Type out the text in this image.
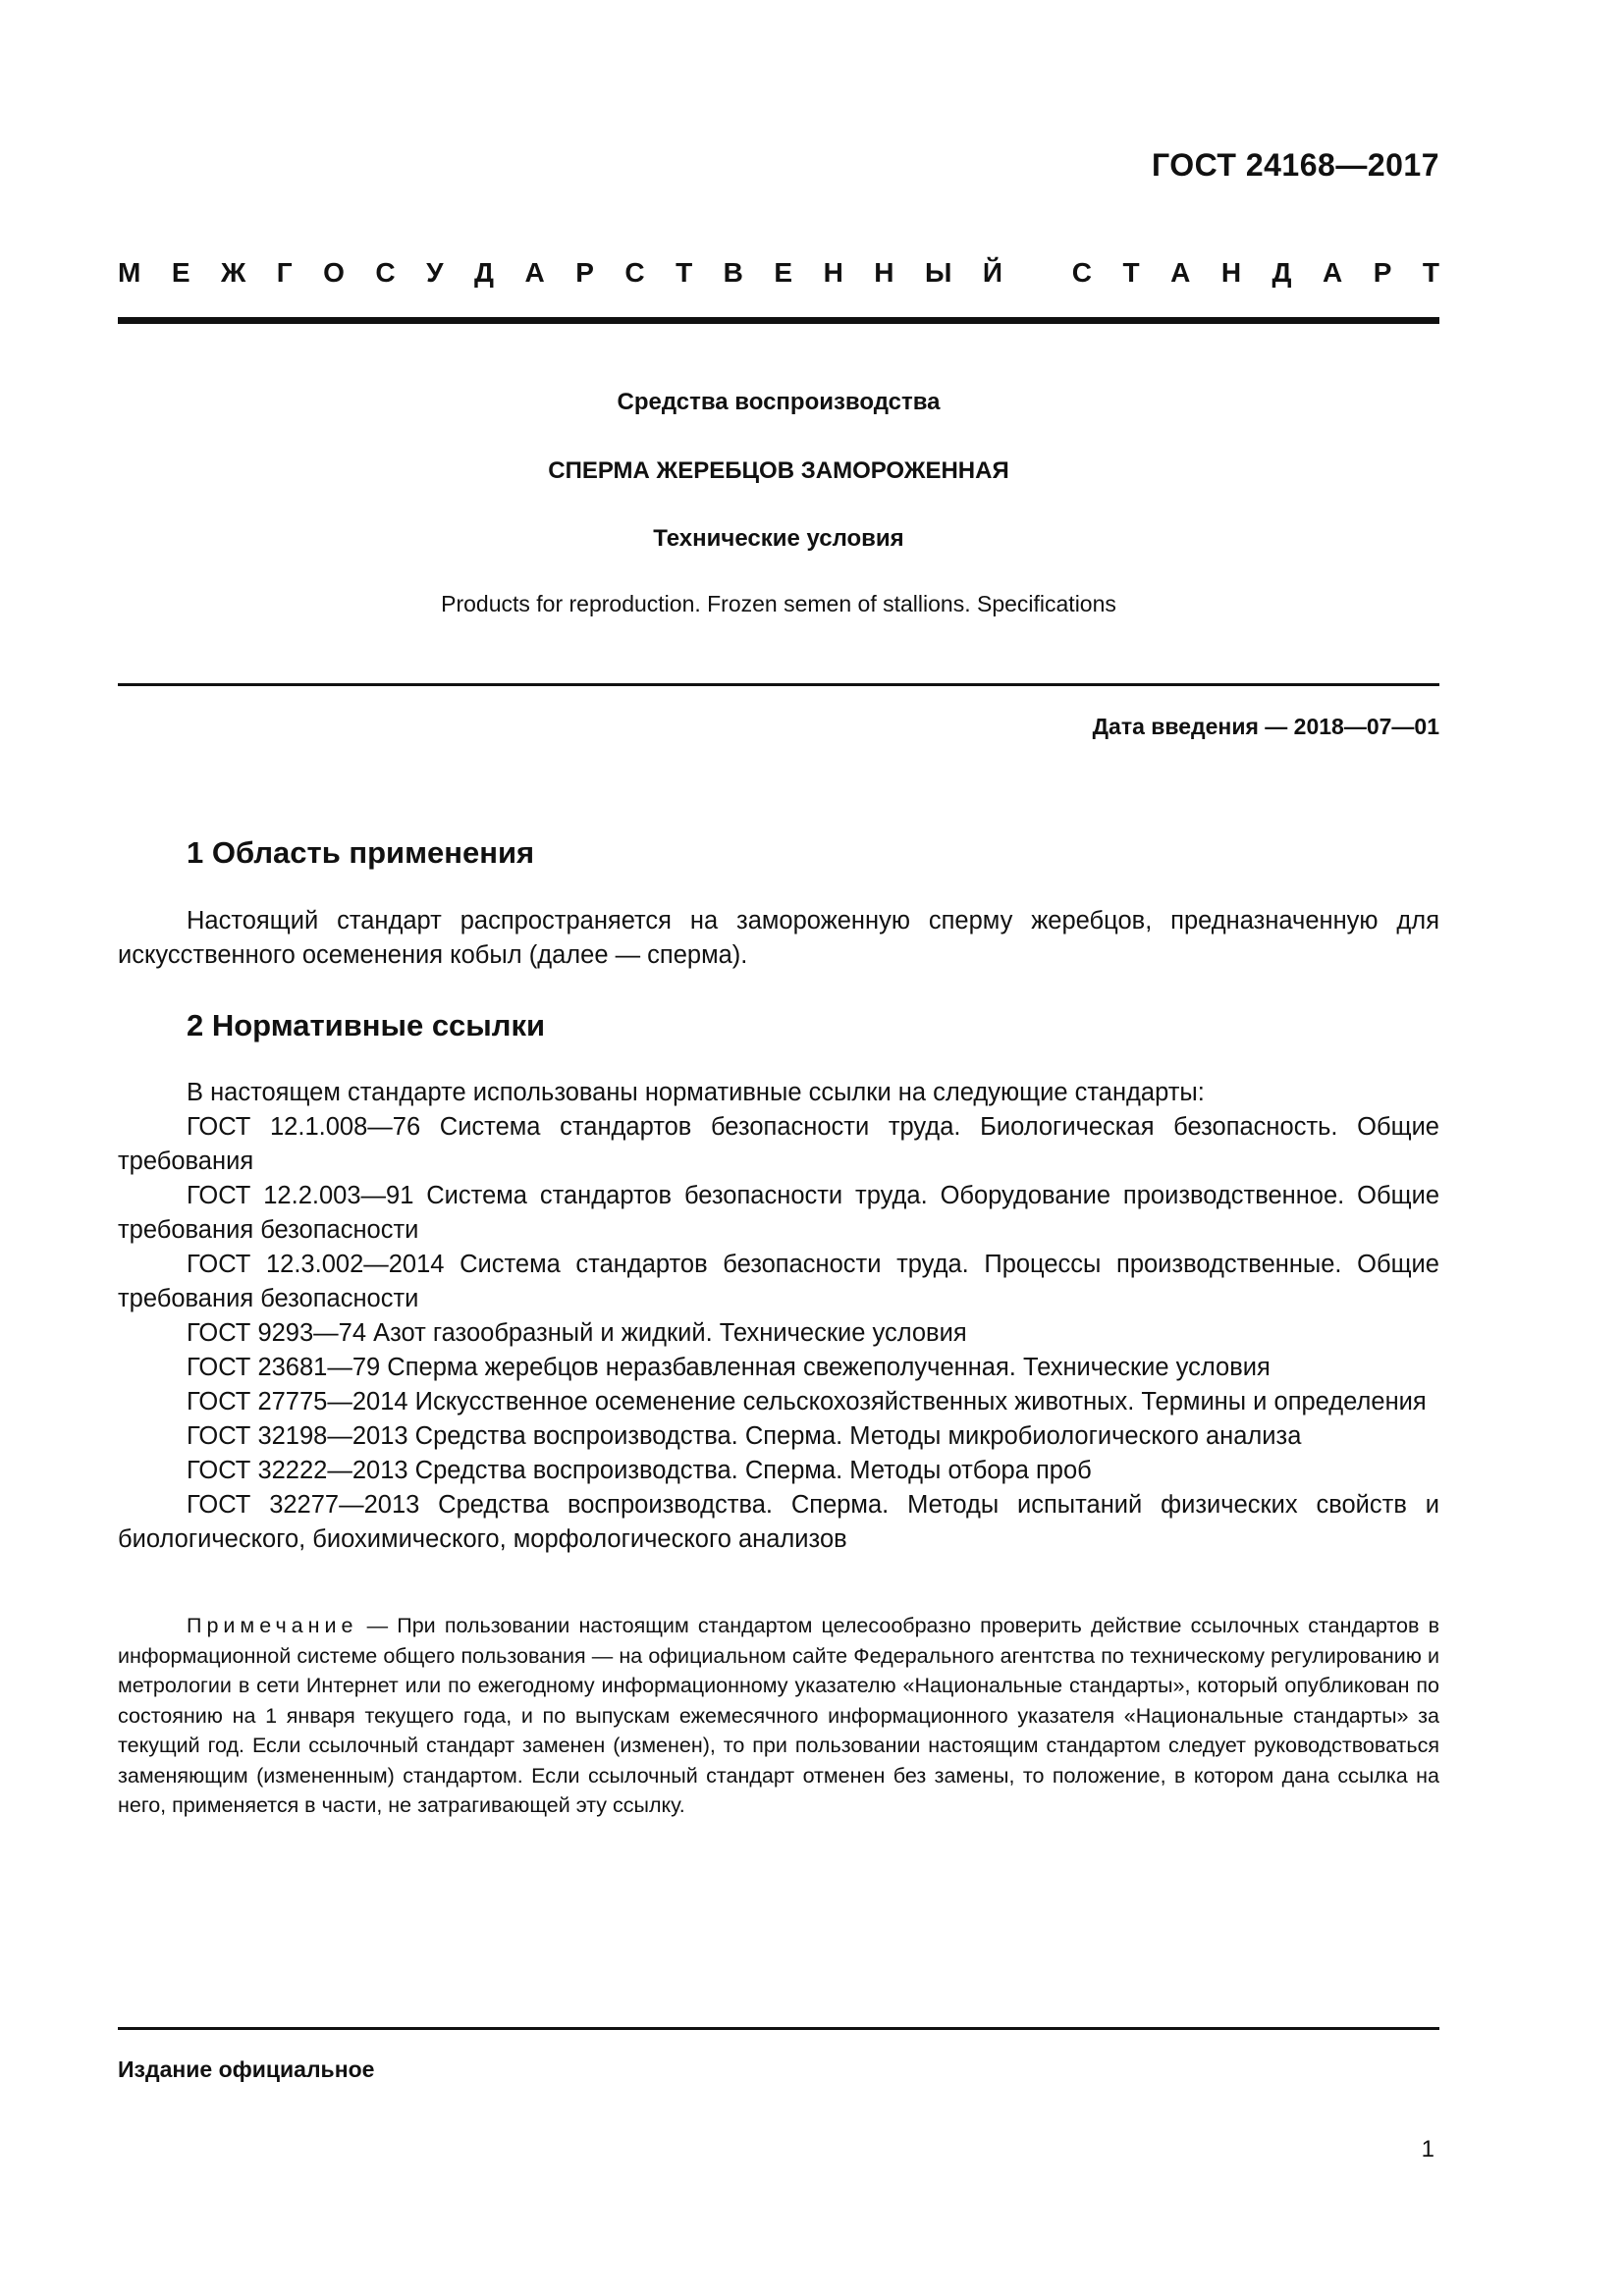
ГОСТ 24168—2017
М Е Ж Г О С У Д А Р С Т В Е Н Н Ы Й
	С Т А Н Д А Р Т
Средства воспроизводства
СПЕРМА ЖЕРЕБЦОВ ЗАМОРОЖЕННАЯ
Технические условия
Products for reproduction. Frozen semen of stallions. Specifications
Дата введения — 2018—07—01
1 Область применения

Настоящий стандарт распространяется на замороженную сперму жеребцов, предназначенную для искусственного осеменения кобыл (далее — сперма).

2 Нормативные ссылки

В настоящем стандарте использованы нормативные ссылки на следующие стандарты:

ГОСТ 12.1.008—76 Система стандартов безопасности труда. Биологическая безопасность. Общие требования

ГОСТ 12.2.003—91 Система стандартов безопасности труда. Оборудование производственное. Общие требования безопасности

ГОСТ 12.3.002—2014 Система стандартов безопасности труда. Процессы производственные. Общие требования безопасности

ГОСТ 9293—74 Азот газообразный и жидкий. Технические условия

ГОСТ 23681—79 Сперма жеребцов неразбавленная свежеполученная. Технические условия

ГОСТ 27775—2014 Искусственное осеменение сельскохозяйственных животных. Термины и определения

ГОСТ 32198—2013 Средства воспроизводства. Сперма. Методы микробиологического анализа

ГОСТ 32222—2013 Средства воспроизводства. Сперма. Методы отбора проб

ГОСТ 32277—2013 Средства воспроизводства. Сперма. Методы испытаний физических свойств и биологического, биохимического, морфологического анализов

Примечание — При пользовании настоящим стандартом целесообразно проверить действие ссылочных стандартов в информационной системе общего пользования — на официальном сайте Федерального агентства по техническому регулированию и метрологии в сети Интернет или по ежегодному информационному указателю «Национальные стандарты», который опубликован по состоянию на 1 января текущего года, и по выпускам ежемесячного информационного указателя «Национальные стандарты» за текущий год. Если ссылочный стандарт заменен (изменен), то при пользовании настоящим стандартом следует руководствоваться заменяющим (измененным) стандартом. Если ссылочный стандарт отменен без замены, то положение, в котором дана ссылка на него, применяется в части, не затрагивающей эту ссылку.

Издание официальное
1
